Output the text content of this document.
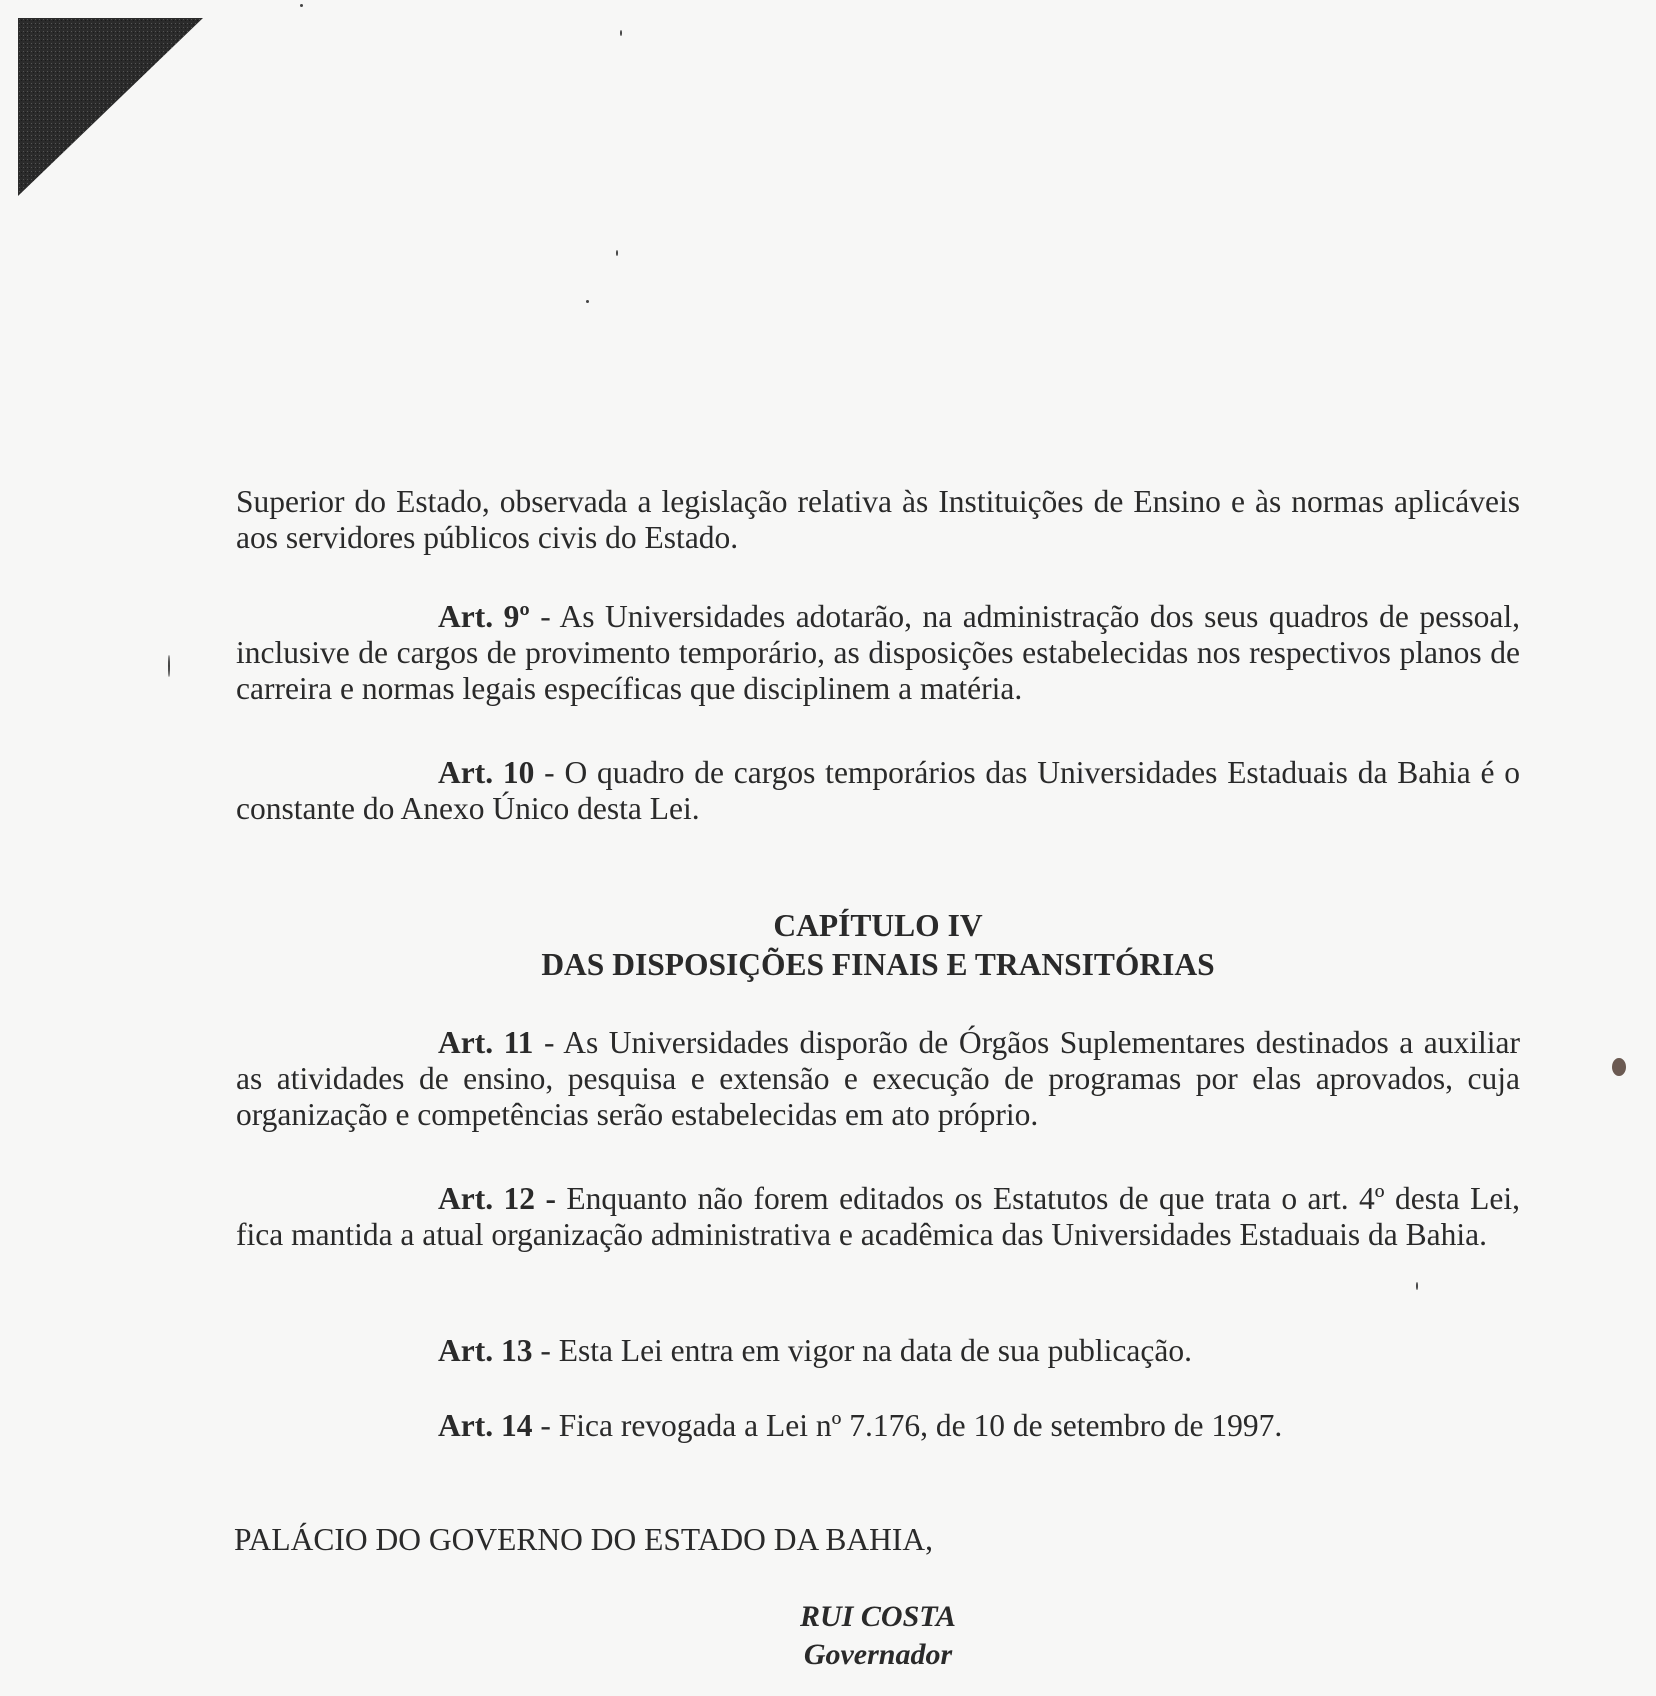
Superior do Estado, observada a legislação relativa às Instituições de Ensino e às normas aplicáveis aos servidores públicos civis do Estado.

Art. 9º - As Universidades adotarão, na administração dos seus quadros de pessoal, inclusive de cargos de provimento temporário, as disposições estabelecidas nos respectivos planos de carreira e normas legais específicas que disciplinem a matéria.

Art. 10 - O quadro de cargos temporários das Universidades Estaduais da Bahia é o constante do Anexo Único desta Lei.

CAPÍTULO IV
DAS DISPOSIÇÕES FINAIS E TRANSITÓRIAS

Art. 11 - As Universidades disporão de Órgãos Suplementares destinados a auxiliar as atividades de ensino, pesquisa e extensão e execução de programas por elas aprovados, cuja organização e competências serão estabelecidas em ato próprio.

Art. 12 - Enquanto não forem editados os Estatutos de que trata o art. 4º desta Lei, fica mantida a atual organização administrativa e acadêmica das Universidades Estaduais da Bahia.

Art. 13 - Esta Lei entra em vigor na data de sua publicação.
Art. 14 - Fica revogada a Lei nº 7.176, de 10 de setembro de 1997.
PALÁCIO DO GOVERNO DO ESTADO DA BAHIA,
RUI COSTA
Governador
